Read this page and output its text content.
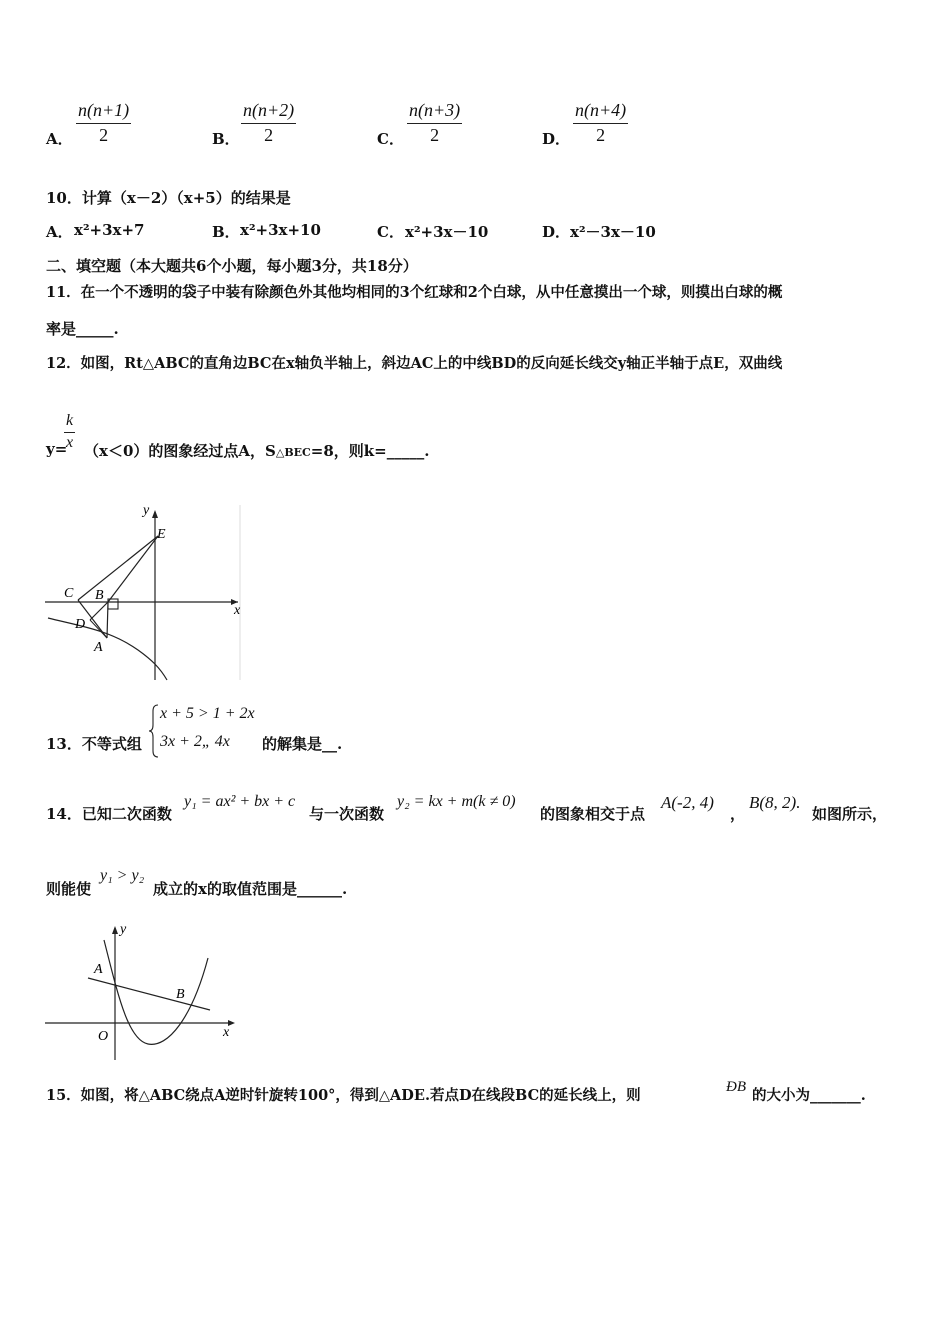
A． $\frac{n(n+1)}{2}$	B． $\frac{n(n+2)}{2}$	C． $\frac{n(n+3)}{2}$	D． $\frac{n(n+4)}{2}$
10．计算（x－2）（x+5）的结果是
A． x²+3x+7	B． x²+3x+10	C． x²+3x－10	D． x²－3x－10
二、填空题（本大题共6个小题，每小题3分，共18分）
11．在一个不透明的袋子中装有除颜色外其他均相同的3个红球和2个白球，从中任意摸出一个球，则摸出白球的概
率是_____.
12．如图，Rt△ABC的直角边BC在x轴负半轴上，斜边AC上的中线BD的反向延长线交y轴正半轴于点E，双曲线
y=
$\frac{k}{x} (x<0)$的图象经过点A，S△BEC=8，则k=_____.
y
x
E
C B
D
A
13．不等式组
x + 5 > 1 + 2x
3x + 2„ 4x 的解集是__.
14．已知二次函数
y₁ = ax² + bx + c
与一次函数
y₂ = kx + m(k ≠ 0)
的图象相交于点
A(-2, 4)
，
B(8, 2).
如图所示，
则能使
y₁ > y₂
成立的x的取值范围是______.
y
x
O
A
B
15．如图，将△ABC绕点A逆时针旋转100°，得到△ADE.若点D在线段BC的延长线上，则	ÐB 的大小为_______.
